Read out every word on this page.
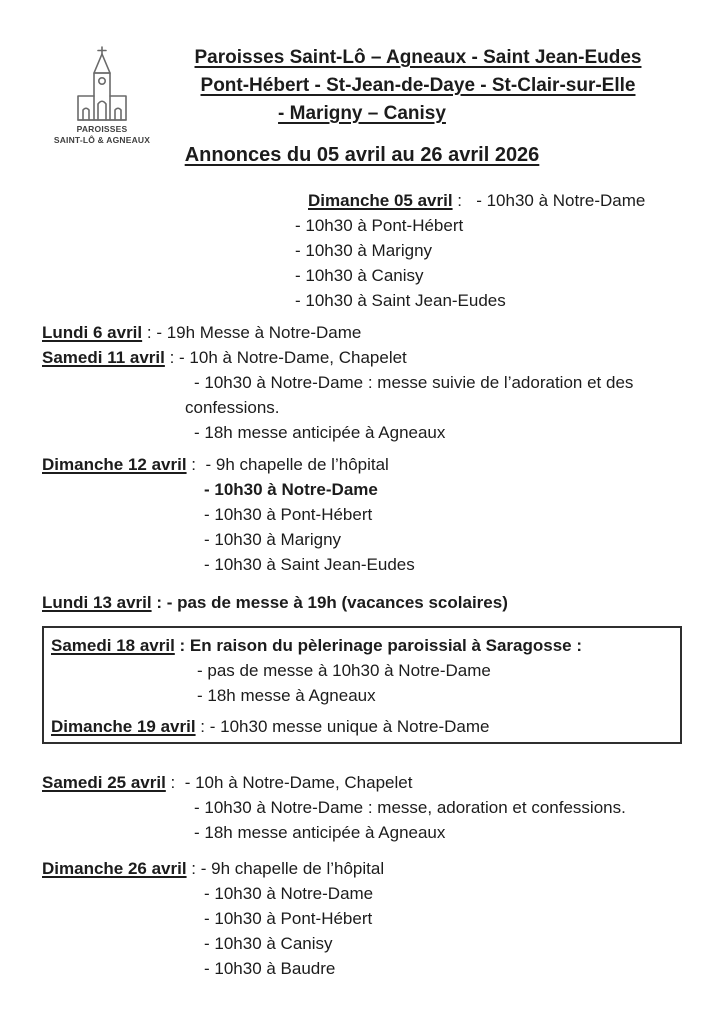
PAROISSES
SAINT-LÔ & AGNEAUX
Paroisses Saint-Lô – Agneaux - Saint Jean-Eudes
Pont-Hébert - St-Jean-de-Daye - St-Clair-sur-Elle
- Marigny – Canisy
Annonces du 05 avril au 26 avril 2026
Dimanche 05 avril :   - 10h30 à Notre-Dame
- 10h30 à Pont-Hébert
- 10h30 à Marigny
- 10h30 à Canisy
- 10h30 à Saint Jean-Eudes
Lundi 6 avril : - 19h Messe à Notre-Dame
Samedi 11 avril : - 10h à Notre-Dame, Chapelet
- 10h30 à Notre-Dame : messe suivie de l’adoration et des
confessions.
- 18h messe anticipée à Agneaux
Dimanche 12 avril :  - 9h chapelle de l’hôpital
- 10h30 à Notre-Dame
- 10h30 à Pont-Hébert
- 10h30 à Marigny
- 10h30 à Saint Jean-Eudes
Lundi 13 avril : - pas de messe à 19h (vacances scolaires)
Samedi 18 avril : En raison du pèlerinage paroissial à Saragosse :
- pas de messe à 10h30 à Notre-Dame
- 18h messe à Agneaux
Dimanche 19 avril : - 10h30 messe unique à Notre-Dame
Samedi 25 avril :  - 10h à Notre-Dame, Chapelet
- 10h30 à Notre-Dame : messe, adoration et confessions.
- 18h messe anticipée à Agneaux
Dimanche 26 avril : - 9h chapelle de l’hôpital
- 10h30 à Notre-Dame
- 10h30 à Pont-Hébert
- 10h30 à Canisy
- 10h30 à Baudre
